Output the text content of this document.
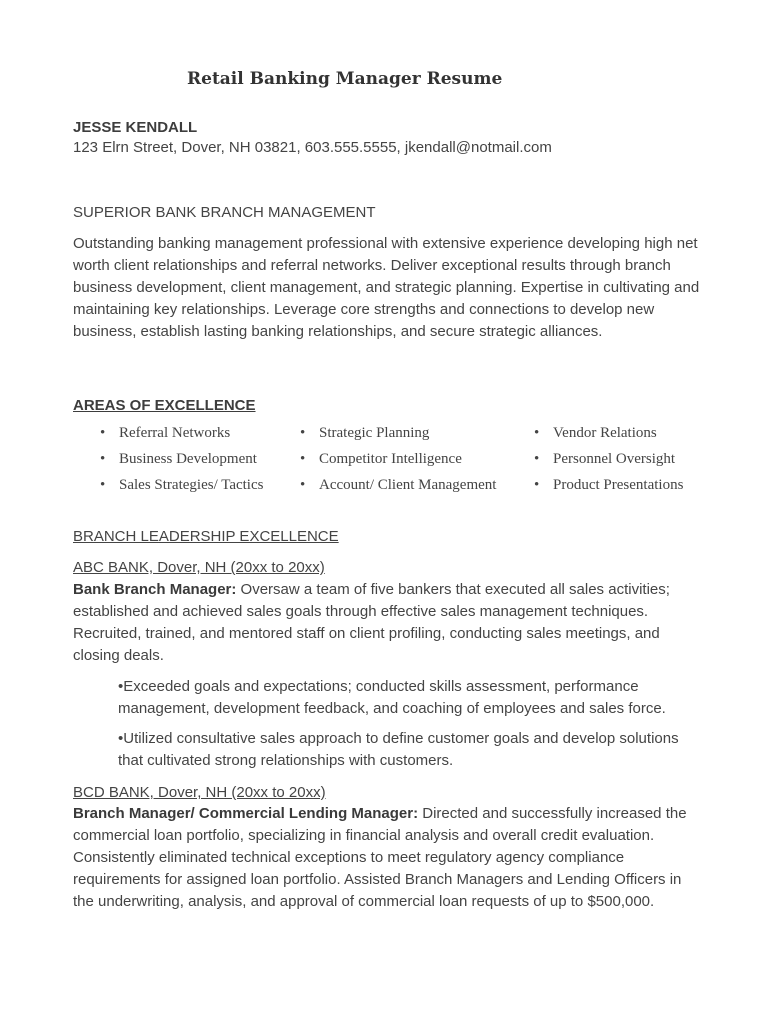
Retail Banking Manager Resume
JESSE KENDALL
123 Elrn Street, Dover, NH 03821, 603.555.5555, jkendall@notmail.com
SUPERIOR BANK BRANCH MANAGEMENT
Outstanding banking management professional with extensive experience developing high net worth client relationships and referral networks. Deliver exceptional results through branch business development, client management, and strategic planning. Expertise in cultivating and maintaining key relationships. Leverage core strengths and connections to develop new business, establish lasting banking relationships, and secure strategic alliances.
AREAS OF EXCELLENCE
• Referral Networks
• Business Development
• Sales Strategies/ Tactics
• Strategic Planning
• Competitor Intelligence
• Account/ Client Management
• Vendor Relations
• Personnel Oversight
• Product Presentations
BRANCH LEADERSHIP EXCELLENCE
ABC BANK, Dover, NH (20xx to 20xx)
Bank Branch Manager: Oversaw a team of five bankers that executed all sales activities; established and achieved sales goals through effective sales management techniques. Recruited, trained, and mentored staff on client profiling, conducting sales meetings, and closing deals.
•Exceeded goals and expectations; conducted skills assessment, performance management, development feedback, and coaching of employees and sales force.
•Utilized consultative sales approach to define customer goals and develop solutions that cultivated strong relationships with customers.
BCD BANK, Dover, NH (20xx to 20xx)
Branch Manager/ Commercial Lending Manager: Directed and successfully increased the commercial loan portfolio, specializing in financial analysis and overall credit evaluation. Consistently eliminated technical exceptions to meet regulatory agency compliance requirements for assigned loan portfolio. Assisted Branch Managers and Lending Officers in the underwriting, analysis, and approval of commercial loan requests of up to $500,000.
